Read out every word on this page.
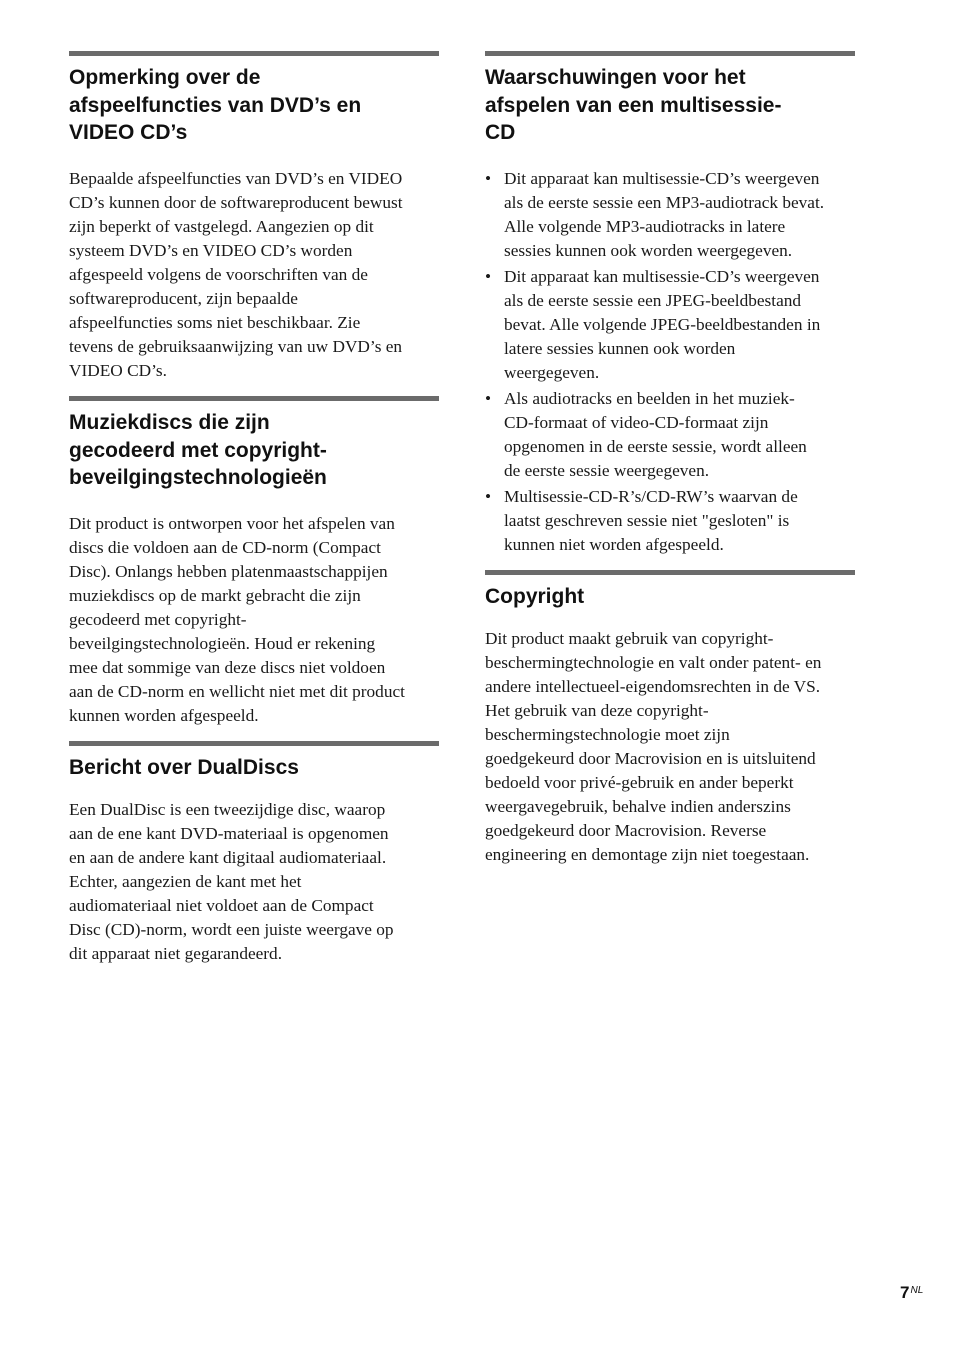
Opmerking over de
afspeelfuncties van DVD’s en
VIDEO CD’s

Bepaalde afspeelfuncties van DVD’s en VIDEO
CD’s kunnen door de softwareproducent bewust
zijn beperkt of vastgelegd. Aangezien op dit
systeem DVD’s en VIDEO CD’s worden
afgespeeld volgens de voorschriften van de
softwareproducent, zijn bepaalde
afspeelfuncties soms niet beschikbaar. Zie
tevens de gebruiksaanwijzing van uw DVD’s en
VIDEO CD’s.

Muziekdiscs die zijn
gecodeerd met copyright-
beveilgingstechnologieën

Dit product is ontworpen voor het afspelen van
discs die voldoen aan de CD-norm (Compact
Disc). Onlangs hebben platenmaastschappijen
muziekdiscs op de markt gebracht die zijn
gecodeerd met copyright-
beveilgingstechnologieën. Houd er rekening
mee dat sommige van deze discs niet voldoen
aan de CD-norm en wellicht niet met dit product
kunnen worden afgespeeld.

Bericht over DualDiscs

Een DualDisc is een tweezijdige disc, waarop
aan de ene kant DVD-materiaal is opgenomen
en aan de andere kant digitaal audiomateriaal.
Echter, aangezien de kant met het
audiomateriaal niet voldoet aan de Compact
Disc (CD)-norm, wordt een juiste weergave op
dit apparaat niet gegarandeerd.

Waarschuwingen voor het
afspelen van een multisessie-
CD
• Dit apparaat kan multisessie-CD’s weergeven
als de eerste sessie een MP3-audiotrack bevat.
Alle volgende MP3-audiotracks in latere
sessies kunnen ook worden weergegeven.
• Dit apparaat kan multisessie-CD’s weergeven
als de eerste sessie een JPEG-beeldbestand
bevat. Alle volgende JPEG-beeldbestanden in
latere sessies kunnen ook worden
weergegeven.
• Als audiotracks en beelden in het muziek-
CD-formaat of video-CD-formaat zijn
opgenomen in de eerste sessie, wordt alleen
de eerste sessie weergegeven.
• Multisessie-CD-R’s/CD-RW’s waarvan de
laatst geschreven sessie niet "gesloten" is
kunnen niet worden afgespeeld.
Copyright

Dit product maakt gebruik van copyright-
beschermingtechnologie en valt onder patent- en
andere intellectueel-eigendomsrechten in de VS.
Het gebruik van deze copyright-
beschermingstechnologie moet zijn
goedgekeurd door Macrovision en is uitsluitend
bedoeld voor privé-gebruik en ander beperkt
weergavegebruik, behalve indien anderszins
goedgekeurd door Macrovision. Reverse
engineering en demontage zijn niet toegestaan.

$7^{NL}$
